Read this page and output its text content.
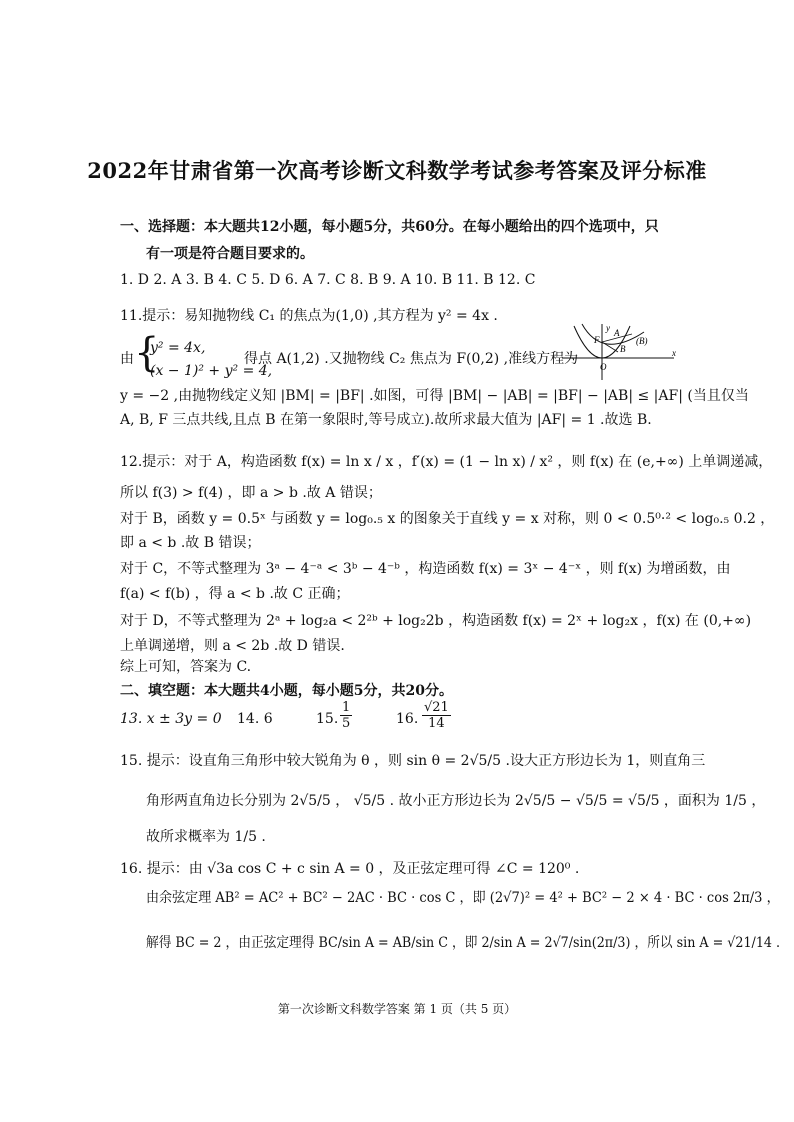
2022年甘肃省第一次高考诊断文科数学考试参考答案及评分标准
一、选择题：本大题共12小题，每小题5分，共60分。在每小题给出的四个选项中，只
有一项是符合题目要求的。
1. D 2. A 3. B 4. C 5. D 6. A 7. C 8. B 9. A 10. B 11. B 12. C
11.提示：易知抛物线 C₁ 的焦点为(1,0) ,其方程为 y² = 4x .
由 {
y² = 4x,
(x − 1)² + y² = 4,
得点 A(1,2) .又抛物线 C₂ 焦点为 F(0,2) ,准线方程为
y = −2 ,由抛物线定义知 |BM| = |BF| .如图，可得 |BM| − |AB| = |BF| − |AB| ≤ |AF| (当且仅当
A, B, F 三点共线,且点 B 在第一象限时,等号成立).故所求最大值为 |AF| = 1 .故选 B.
y
x
O
F
A
B
(B)
12.提示：对于 A，构造函数 f(x) = ln x / x ，f′(x) = (1 − ln x) / x² ，则 f(x) 在 (e,+∞) 上单调递减，
所以 f(3) > f(4) ，即 a > b .故 A 错误；
对于 B，函数 y = 0.5ˣ 与函数 y = log₀.₅ x 的图象关于直线 y = x 对称，则 0 < 0.5⁰·² < log₀.₅ 0.2 ，
即 a < b .故 B 错误；
对于 C，不等式整理为 3ᵃ − 4⁻ᵃ < 3ᵇ − 4⁻ᵇ ，构造函数 f(x) = 3ˣ − 4⁻ˣ ，则 f(x) 为增函数，由
f(a) < f(b) ，得 a < b .故 C 正确；
对于 D，不等式整理为 2ᵃ + log₂a < 2²ᵇ + log₂2b ，构造函数 f(x) = 2ˣ + log₂x ，f(x) 在 (0,+∞)
上单调递增，则 a < 2b .故 D 错误.
综上可知，答案为 C.
二、填空题：本大题共4小题，每小题5分，共20分。
13. x ± 3y = 0 14. 6	15. $\frac{1}{5}$	16. $\frac{√21}{14}$
15. 提示：设直角三角形中较大锐角为 θ ，则 sin θ = 2√5/5 .设大正方形边长为 1，则直角三
角形两直角边长分别为 2√5/5 ， √5/5 . 故小正方形边长为 2√5/5 − √5/5 = √5/5 ，面积为 1/5 ，
故所求概率为 1/5 .
16. 提示：由 √3a cos C + c sin A = 0 ，及正弦定理可得 ∠C = 120⁰ .
由余弦定理 AB² = AC² + BC² − 2AC · BC · cos C ，即 (2√7)² = 4² + BC² − 2 × 4 · BC · cos 2π/3 ，
解得 BC = 2 ，由正弦定理得 BC/sin A = AB/sin C ，即 2/sin A = 2√7/sin(2π/3) ，所以 sin A = √21/14 .
第一次诊断文科数学答案 第 1 页（共 5 页）
